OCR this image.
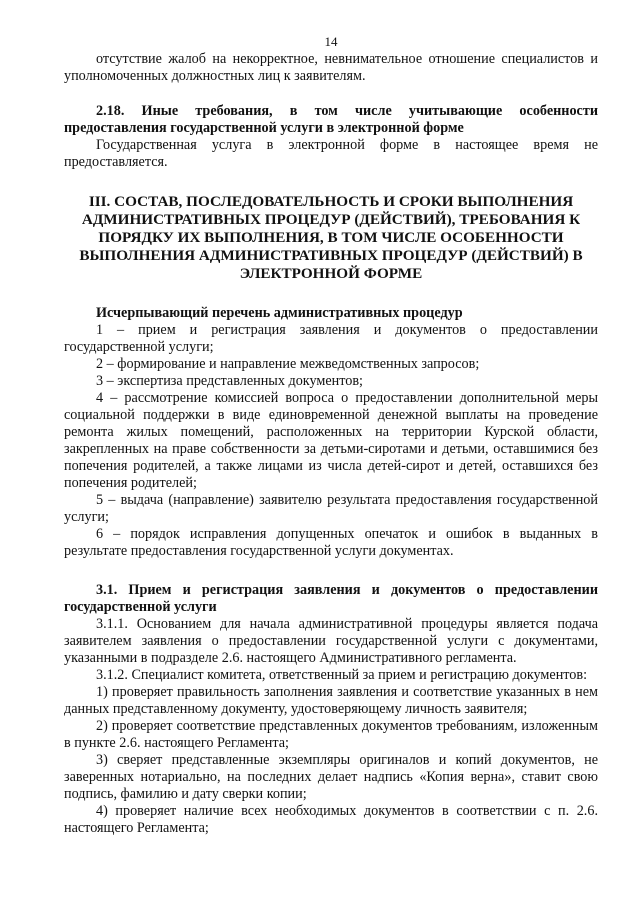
14

отсутствие жалоб на некорректное, невнимательное отношение специалистов и уполномоченных должностных лиц к заявителям.

2.18. Иные требования, в том числе учитывающие особенности предоставления государственной услуги в электронной форме

Государственная услуга в электронной форме в настоящее время не предоставляется.

III. СОСТАВ, ПОСЛЕДОВАТЕЛЬНОСТЬ И СРОКИ ВЫПОЛНЕНИЯ АДМИНИСТРАТИВНЫХ ПРОЦЕДУР (ДЕЙСТВИЙ), ТРЕБОВАНИЯ К ПОРЯДКУ ИХ ВЫПОЛНЕНИЯ, В ТОМ ЧИСЛЕ ОСОБЕННОСТИ ВЫПОЛНЕНИЯ АДМИНИСТРАТИВНЫХ ПРОЦЕДУР (ДЕЙСТВИЙ) В ЭЛЕКТРОННОЙ ФОРМЕ

Исчерпывающий перечень административных процедур

1 – прием и регистрация заявления и документов о предоставлении государственной услуги;

2 – формирование и направление межведомственных запросов;

3 – экспертиза представленных документов;

4 – рассмотрение комиссией вопроса о предоставлении дополнительной меры социальной поддержки в виде единовременной денежной выплаты на проведение ремонта жилых помещений, расположенных на территории Курской области, закрепленных на праве собственности за детьми-сиротами и детьми, оставшимися без попечения родителей, а также лицами из числа детей-сирот и детей, оставшихся без попечения родителей;

5 – выдача (направление) заявителю результата предоставления государственной услуги;

6 – порядок исправления допущенных опечаток и ошибок в выданных в результате предоставления государственной услуги документах.

3.1. Прием и регистрация заявления и документов о предоставлении государственной услуги

3.1.1. Основанием для начала административной процедуры является подача заявителем заявления о предоставлении государственной услуги с документами, указанными в подразделе 2.6. настоящего Административного регламента.

3.1.2. Специалист комитета, ответственный за прием и регистрацию документов:

1) проверяет правильность заполнения заявления и соответствие указанных в нем данных представленному документу, удостоверяющему личность заявителя;

2) проверяет соответствие представленных документов требованиям, изложенным в пункте 2.6. настоящего Регламента;

3) сверяет представленные экземпляры оригиналов и копий документов, не заверенных нотариально, на последних делает надпись «Копия верна», ставит свою подпись, фамилию и дату сверки копии;

4) проверяет наличие всех необходимых документов в соответствии с п. 2.6. настоящего Регламента;
